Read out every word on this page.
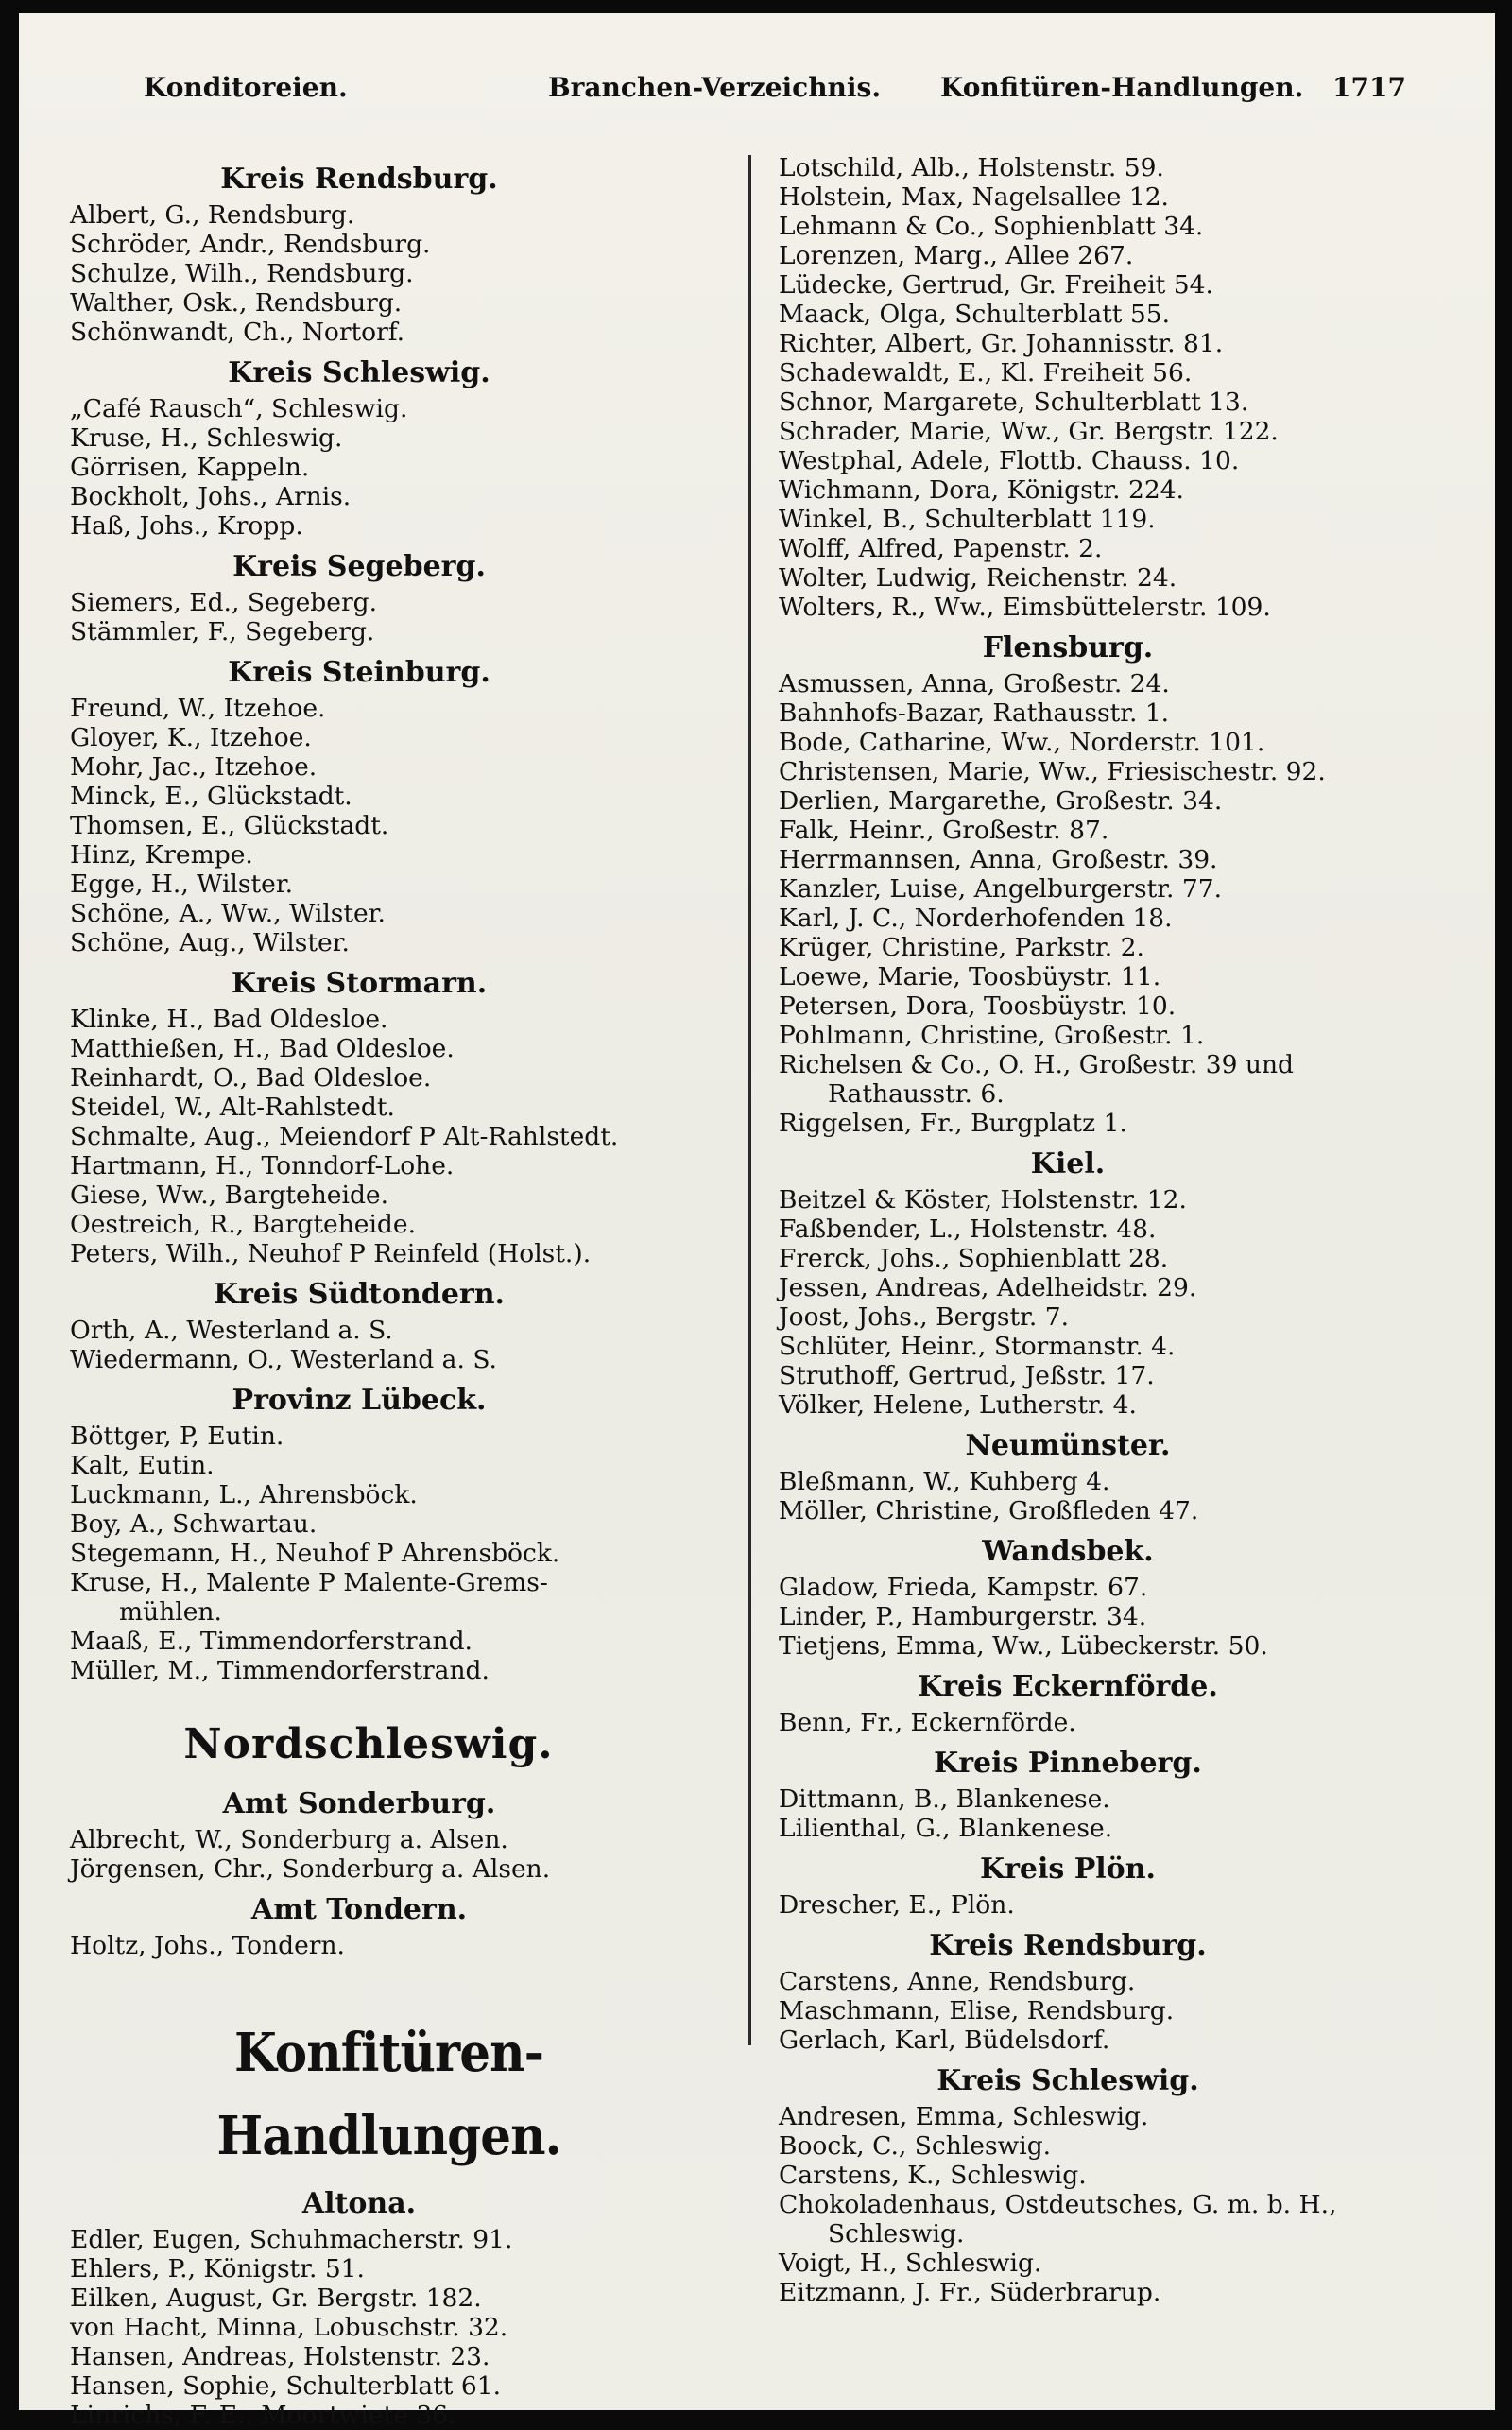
Konditoreien.	Branchen-Verzeichnis. Konfitüren-Handlungen. 1717
Kreis Rendsburg.
Albert, G., Rendsburg.
Schröder, Andr., Rendsburg.
Schulze, Wilh., Rendsburg.
Walther, Osk., Rendsburg.
Schönwandt, Ch., Nortorf.
Kreis Schleswig.
„Café Rausch“, Schleswig.
Kruse, H., Schleswig.
Görrisen, Kappeln.
Bockholt, Johs., Arnis.
Haß, Johs., Kropp.
Kreis Segeberg.
Siemers, Ed., Segeberg.
Stämmler, F., Segeberg.
Kreis Steinburg.
Freund, W., Itzehoe.
Gloyer, K., Itzehoe.
Mohr, Jac., Itzehoe.
Minck, E., Glückstadt.
Thomsen, E., Glückstadt.
Hinz, Krempe.
Egge, H., Wilster.
Schöne, A., Ww., Wilster.
Schöne, Aug., Wilster.
Kreis Stormarn.
Klinke, H., Bad Oldesloe.
Matthießen, H., Bad Oldesloe.
Reinhardt, O., Bad Oldesloe.
Steidel, W., Alt-Rahlstedt.
Schmalte, Aug., Meiendorf P Alt-Rahlstedt.
Hartmann, H., Tonndorf-Lohe.
Giese, Ww., Bargteheide.
Oestreich, R., Bargteheide.
Peters, Wilh., Neuhof P Reinfeld (Holst.).
Kreis Südtondern.
Orth, A., Westerland a. S.
Wiedermann, O., Westerland a. S.
Provinz Lübeck.
Böttger, P, Eutin.
Kalt, Eutin.
Luckmann, L., Ahrensböck.
Boy, A., Schwartau.
Stegemann, H., Neuhof P Ahrensböck.
Kruse, H., Malente P Malente-Grems-
mühlen.
Maaß, E., Timmendorferstrand.
Müller, M., Timmendorferstrand.
Nordschleswig.
Amt Sonderburg.
Albrecht, W., Sonderburg a. Alsen.
Jörgensen, Chr., Sonderburg a. Alsen.
Amt Tondern.
Holtz, Johs., Tondern.
Konfitüren-Handlungen.
Altona.
Edler, Eugen, Schuhmacherstr. 91.
Ehlers, P., Königstr. 51.
Eilken, August, Gr. Bergstr. 182.
von Hacht, Minna, Lobuschstr. 32.
Hansen, Andreas, Holstenstr. 23.
Hansen, Sophie, Schulterblatt 61.
Linrichs, F. E., Moortwiete 36.
Lotschild, Alb., Holstenstr. 59.
Holstein, Max, Nagelsallee 12.
Lehmann & Co., Sophienblatt 34.
Lorenzen, Marg., Allee 267.
Lüdecke, Gertrud, Gr. Freiheit 54.
Maack, Olga, Schulterblatt 55.
Richter, Albert, Gr. Johannisstr. 81.
Schadewaldt, E., Kl. Freiheit 56.
Schnor, Margarete, Schulterblatt 13.
Schrader, Marie, Ww., Gr. Bergstr. 122.
Westphal, Adele, Flottb. Chauss. 10.
Wichmann, Dora, Königstr. 224.
Winkel, B., Schulterblatt 119.
Wolff, Alfred, Papenstr. 2.
Wolter, Ludwig, Reichenstr. 24.
Wolters, R., Ww., Eimsbüttelerstr. 109.
Flensburg.
Asmussen, Anna, Großestr. 24.
Bahnhofs-Bazar, Rathausstr. 1.
Bode, Catharine, Ww., Norderstr. 101.
Christensen, Marie, Ww., Friesischestr. 92.
Derlien, Margarethe, Großestr. 34.
Falk, Heinr., Großestr. 87.
Herrmannsen, Anna, Großestr. 39.
Kanzler, Luise, Angelburgerstr. 77.
Karl, J. C., Norderhofenden 18.
Krüger, Christine, Parkstr. 2.
Loewe, Marie, Toosbüystr. 11.
Petersen, Dora, Toosbüystr. 10.
Pohlmann, Christine, Großestr. 1.
Richelsen & Co., O. H., Großestr. 39 und
Rathausstr. 6.
Riggelsen, Fr., Burgplatz 1.
Kiel.
Beitzel & Köster, Holstenstr. 12.
Faßbender, L., Holstenstr. 48.
Frerck, Johs., Sophienblatt 28.
Jessen, Andreas, Adelheidstr. 29.
Joost, Johs., Bergstr. 7.
Schlüter, Heinr., Stormanstr. 4.
Struthoff, Gertrud, Jeßstr. 17.
Völker, Helene, Lutherstr. 4.
Neumünster.
Bleßmann, W., Kuhberg 4.
Möller, Christine, Großfleden 47.
Wandsbek.
Gladow, Frieda, Kampstr. 67.
Linder, P., Hamburgerstr. 34.
Tietjens, Emma, Ww., Lübeckerstr. 50.
Kreis Eckernförde.
Benn, Fr., Eckernförde.
Kreis Pinneberg.
Dittmann, B., Blankenese.
Lilienthal, G., Blankenese.
Kreis Plön.
Drescher, E., Plön.
Kreis Rendsburg.
Carstens, Anne, Rendsburg.
Maschmann, Elise, Rendsburg.
Gerlach, Karl, Büdelsdorf.
Kreis Schleswig.
Andresen, Emma, Schleswig.
Boock, C., Schleswig.
Carstens, K., Schleswig.
Chokoladenhaus, Ostdeutsches, G. m. b. H.,
Schleswig.
Voigt, H., Schleswig.
Eitzmann, J. Fr., Süderbrarup.
